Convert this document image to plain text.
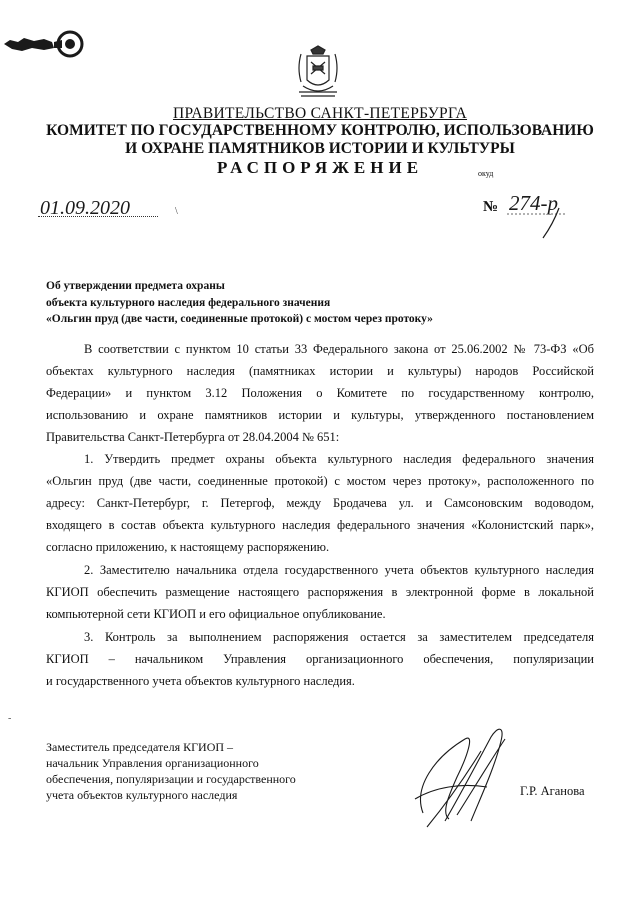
ПРАВИТЕЛЬСТВО САНКТ-ПЕТЕРБУРГА
КОМИТЕТ ПО ГОСУДАРСТВЕННОМУ КОНТРОЛЮ, ИСПОЛЬЗОВАНИЮ
И ОХРАНЕ ПАМЯТНИКОВ ИСТОРИИ И КУЛЬТУРЫ
РАСПОРЯЖЕНИЕ	окуд
01.09.2020	\	№ 274-р
Об утверждении предмета охраны
объекта культурного наследия федерального значения
«Ольгин пруд (две части, соединенные протокой) с мостом через протоку»
В соответствии с пунктом 10 статьи 33 Федерального закона от 25.06.2002 № 73-ФЗ «Об
объектах культурного наследия (памятниках истории и культуры) народов Российской
Федерации» и пунктом 3.12 Положения о Комитете по государственному контролю,
использованию и охране памятников истории и культуры, утвержденного постановлением
Правительства Санкт-Петербурга от 28.04.2004 № 651:
1. Утвердить предмет охраны объекта культурного наследия федерального значения
«Ольгин пруд (две части, соединенные протокой) с мостом через протоку», расположенного по
адресу: Санкт-Петербург, г. Петергоф, между Бродачева ул. и Самсоновским водоводом,
входящего в состав объекта культурного наследия федерального значения «Колонистский парк»,
согласно приложению, к настоящему распоряжению.
2. Заместителю начальника отдела государственного учета объектов культурного наследия
КГИОП обеспечить размещение настоящего распоряжения в электронной форме в локальной
компьютерной сети КГИОП и его официальное опубликование.
3. Контроль за выполнением распоряжения остается за заместителем председателя
КГИОП – начальником Управления организационного обеспечения, популяризации
и государственного учета объектов культурного наследия.
-
Заместитель председателя КГИОП –
начальник Управления организационного
обеспечения, популяризации и государственного
учета объектов культурного наследия	Г.Р. Аганова
